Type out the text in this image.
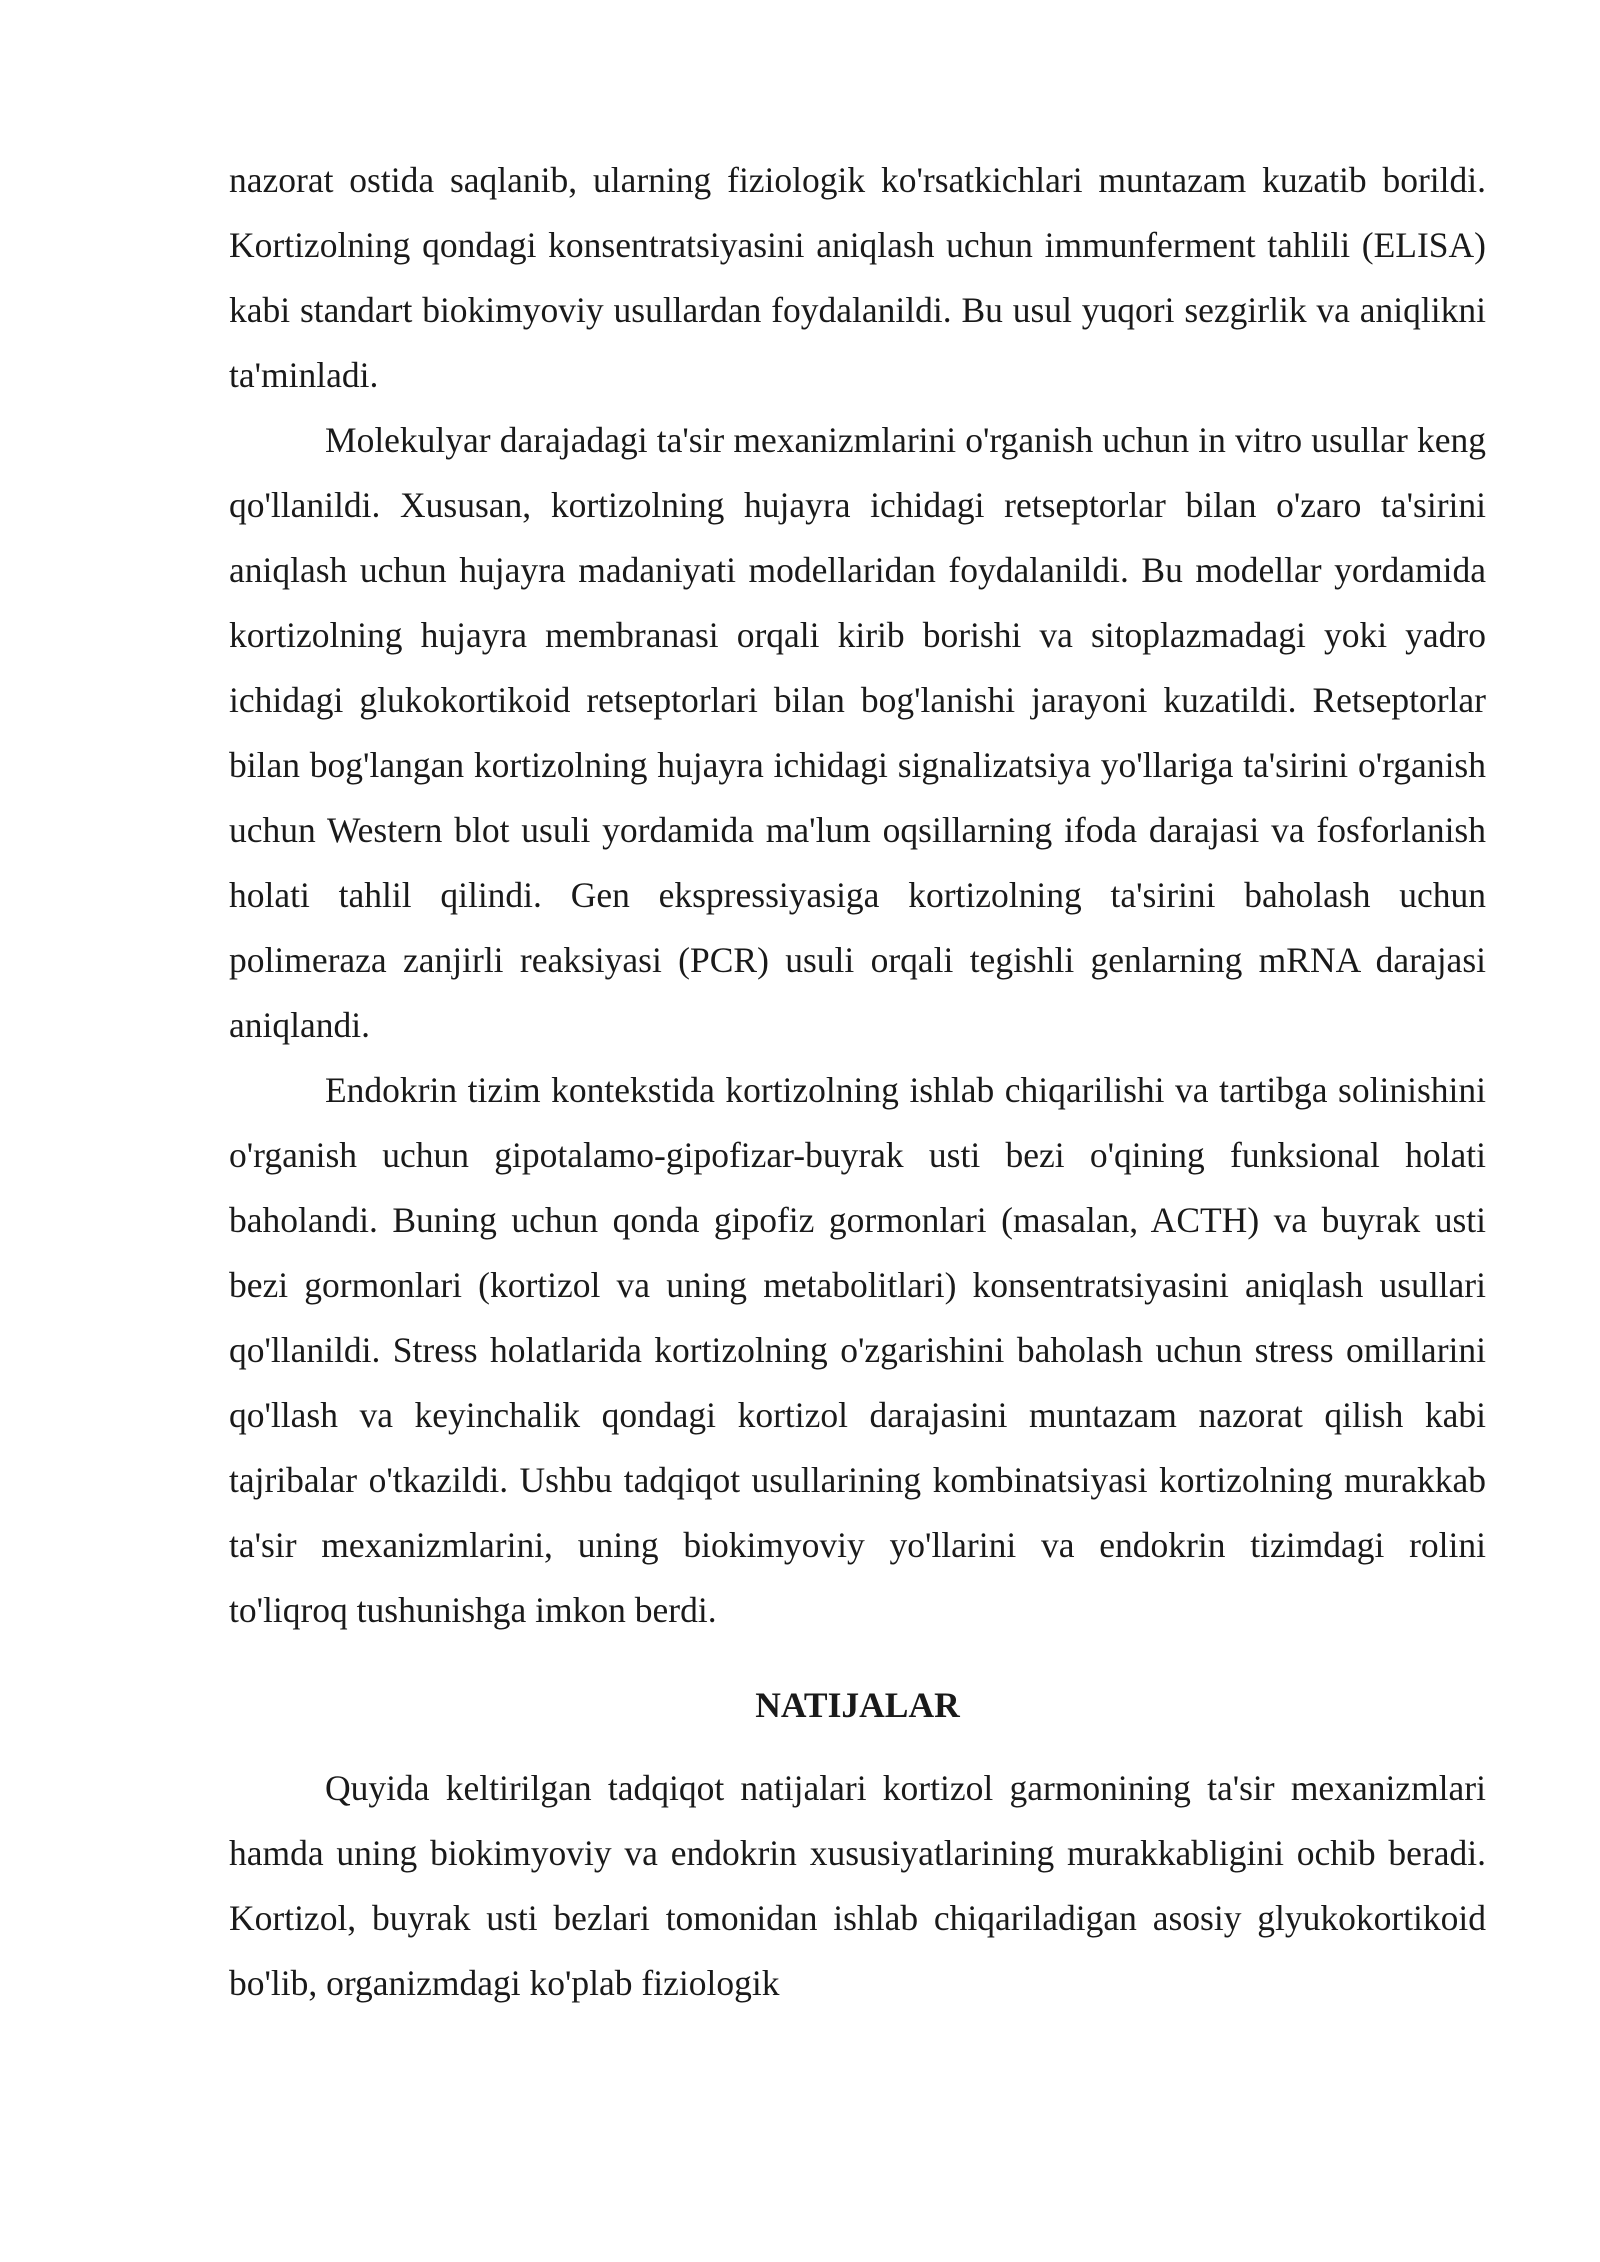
nazorat ostida saqlanib, ularning fiziologik ko'rsatkichlari muntazam kuzatib borildi. Kortizolning qondagi konsentratsiyasini aniqlash uchun immunferment tahlili (ELISA) kabi standart biokimyoviy usullardan foydalanildi. Bu usul yuqori sezgirlik va aniqlikni ta'minladi.

Molekulyar darajadagi ta'sir mexanizmlarini o'rganish uchun in vitro usullar keng qo'llanildi. Xususan, kortizolning hujayra ichidagi retseptorlar bilan o'zaro ta'sirini aniqlash uchun hujayra madaniyati modellaridan foydalanildi. Bu modellar yordamida kortizolning hujayra membranasi orqali kirib borishi va sitoplazmadagi yoki yadro ichidagi glukokortikoid retseptorlari bilan bog'lanishi jarayoni kuzatildi. Retseptorlar bilan bog'langan kortizolning hujayra ichidagi signalizatsiya yo'llariga ta'sirini o'rganish uchun Western blot usuli yordamida ma'lum oqsillarning ifoda darajasi va fosforlanish holati tahlil qilindi. Gen ekspressiyasiga kortizolning ta'sirini baholash uchun polimeraza zanjirli reaksiyasi (PCR) usuli orqali tegishli genlarning mRNA darajasi aniqlandi.

Endokrin tizim kontekstida kortizolning ishlab chiqarilishi va tartibga solinishini o'rganish uchun gipotalamo-gipofizar-buyrak usti bezi o'qining funksional holati baholandi. Buning uchun qonda gipofiz gormonlari (masalan, ACTH) va buyrak usti bezi gormonlari (kortizol va uning metabolitlari) konsentratsiyasini aniqlash usullari qo'llanildi. Stress holatlarida kortizolning o'zgarishini baholash uchun stress omillarini qo'llash va keyinchalik qondagi kortizol darajasini muntazam nazorat qilish kabi tajribalar o'tkazildi. Ushbu tadqiqot usullarining kombinatsiyasi kortizolning murakkab ta'sir mexanizmlarini, uning biokimyoviy yo'llarini va endokrin tizimdagi rolini to'liqroq tushunishga imkon berdi.

NATIJALAR

Quyida keltirilgan tadqiqot natijalari kortizol garmonining ta'sir mexanizmlari hamda uning biokimyoviy va endokrin xususiyatlarining murakkabligini ochib beradi. Kortizol, buyrak usti bezlari tomonidan ishlab chiqariladigan asosiy glyukokortikoid bo'lib, organizmdagi ko'plab fiziologik
